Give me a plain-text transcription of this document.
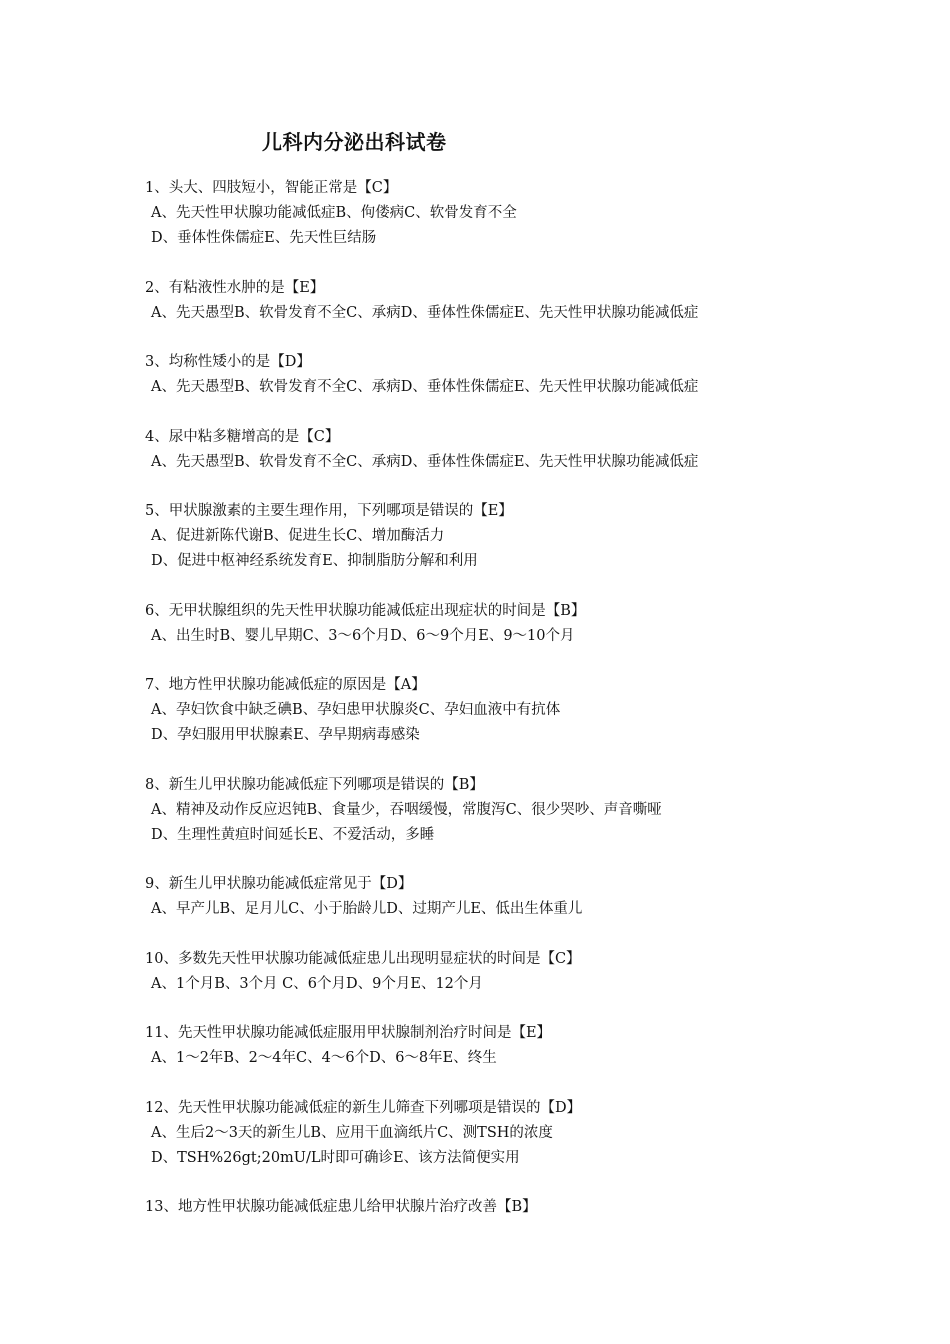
儿科内分泌出科试卷
1、头大、四肢短小，智能正常是【C】
A、先天性甲状腺功能减低症B、佝偻病C、软骨发育不全
D、垂体性侏儒症E、先天性巨结肠
2、有粘液性水肿的是【E】
A、先天愚型B、软骨发育不全C、承病D、垂体性侏儒症E、先天性甲状腺功能减低症
3、均称性矮小的是【D】
A、先天愚型B、软骨发育不全C、承病D、垂体性侏儒症E、先天性甲状腺功能减低症
4、尿中粘多糖增高的是【C】
A、先天愚型B、软骨发育不全C、承病D、垂体性侏儒症E、先天性甲状腺功能减低症
5、甲状腺激素的主要生理作用，下列哪项是错误的【E】
A、促进新陈代谢B、促进生长C、增加酶活力
D、促进中枢神经系统发育E、抑制脂肪分解和利用
6、无甲状腺组织的先天性甲状腺功能减低症出现症状的时间是【B】
A、出生时B、婴儿早期C、3～6个月D、6～9个月E、9～10个月
7、地方性甲状腺功能减低症的原因是【A】
A、孕妇饮食中缺乏碘B、孕妇患甲状腺炎C、孕妇血液中有抗体
D、孕妇服用甲状腺素E、孕早期病毒感染
8、新生儿甲状腺功能减低症下列哪项是错误的【B】
A、精神及动作反应迟钝B、食量少，吞咽缓慢，常腹泻C、很少哭吵、声音嘶哑
D、生理性黄疸时间延长E、不爱活动，多睡
9、新生儿甲状腺功能减低症常见于【D】
A、早产儿B、足月儿C、小于胎龄儿D、过期产儿E、低出生体重儿
10、多数先天性甲状腺功能减低症患儿出现明显症状的时间是【C】
A、1个月B、3个月 C、6个月D、9个月E、12个月
11、先天性甲状腺功能减低症服用甲状腺制剂治疗时间是【E】
A、1～2年B、2～4年C、4～6个D、6～8年E、终生
12、先天性甲状腺功能减低症的新生儿筛查下列哪项是错误的【D】
A、生后2～3天的新生儿B、应用干血滴纸片C、测TSH的浓度
D、TSH%26gt;20mU/L时即可确诊E、该方法简便实用
13、地方性甲状腺功能减低症患儿给甲状腺片治疗改善【B】
